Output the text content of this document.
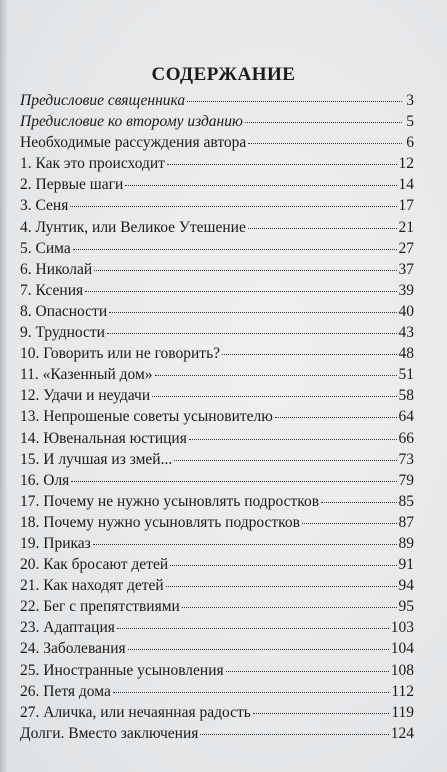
СОДЕРЖАНИЕ
Предисловие священника	3
Предисловие ко второму изданию	5
Необходимые рассуждения автора	6
1. Как это происходит	12
2. Первые шаги	14
3. Сеня	17
4. Лунтик, или Великое Утешение	21
5. Сима	27
6. Николай	37
7. Ксения	39
8. Опасности	40
9. Трудности	43
10. Говорить или не говорить?	48
11. «Казенный дом»	51
12. Удачи и неудачи	58
13. Непрошеные советы усыновителю	64
14. Ювенальная юстиция	66
15. И лучшая из змей...	73
16. Оля	79
17. Почему не нужно усыновлять подростков	85
18. Почему нужно усыновлять подростков	87
19. Приказ	89
20. Как бросают детей	91
21. Как находят детей	94
22. Бег с препятствиями	95
23. Адаптация	103
24. Заболевания	104
25. Иностранные усыновления	108
26. Петя дома	112
27. Аличка, или нечаянная радость	119
Долги. Вместо заключения	124
